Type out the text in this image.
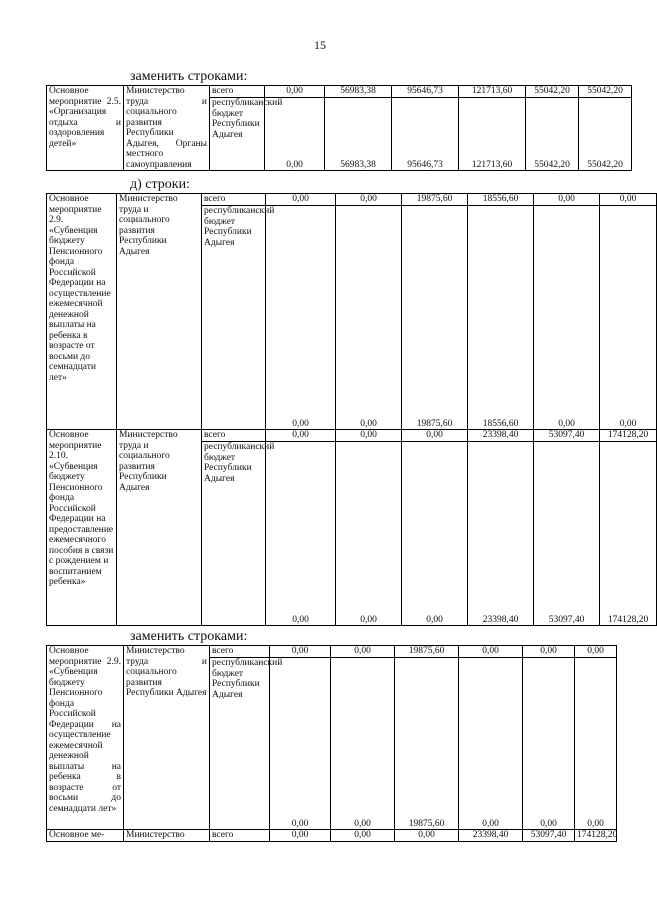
15
заменить строками:
Основное мероприятие 2.5. «Организация отдыха и оздоровления детей»	Министерство труда и социального развития Республики Адыгея, Органы местного самоуправления	всего	0,00	56983,38	95646,73	121713,60	55042,20	55042,20
		республиканский бюджет Республики Адыгея	0,00	56983,38	95646,73	121713,60	55042,20	55042,20
д) строки:
Основное мероприятие 2.9. «Субвенция бюджету Пенсионного фонда Российской Федерации на осуществление ежемесячной денежной выплаты на ребенка в возрасте от восьми до семнадцати лет»	Министерство труда и социального развития Республики Адыгея	всего	0,00	0,00	19875,60	18556,60	0,00	0,00
		республиканский бюджет Республики Адыгея	0,00	0,00	19875,60	18556,60	0,00	0,00

Основное мероприятие 2.10. «Субвенция бюджету Пенсионного фонда Российской Федерации на предоставление ежемесячного пособия в связи с рождением и воспитанием ребенка»	Министерство труда и социального развития Республики Адыгея	всего	0,00	0,00	0,00	23398,40	53097,40	174128,20
		республиканский бюджет Республики Адыгея	0,00	0,00	0,00	23398,40	53097,40	174128,20
заменить строками:
Основное мероприятие 2.9. «Субвенция бюджету Пенсионного фонда Российской Федерации на осуществление ежемесячной денежной выплаты на ребенка в возрасте от восьми до семнадцати лет»	Министерство труда и социального развития Республики Адыгея	всего	0,00	0,00	19875,60	0,00	0,00	0,00
		республиканский бюджет Республики Адыгея	0,00	0,00	19875,60	0,00	0,00	0,00

Основное ме-	Министерство	всего	0,00	0,00	0,00	23398,40	53097,40	174128,20
